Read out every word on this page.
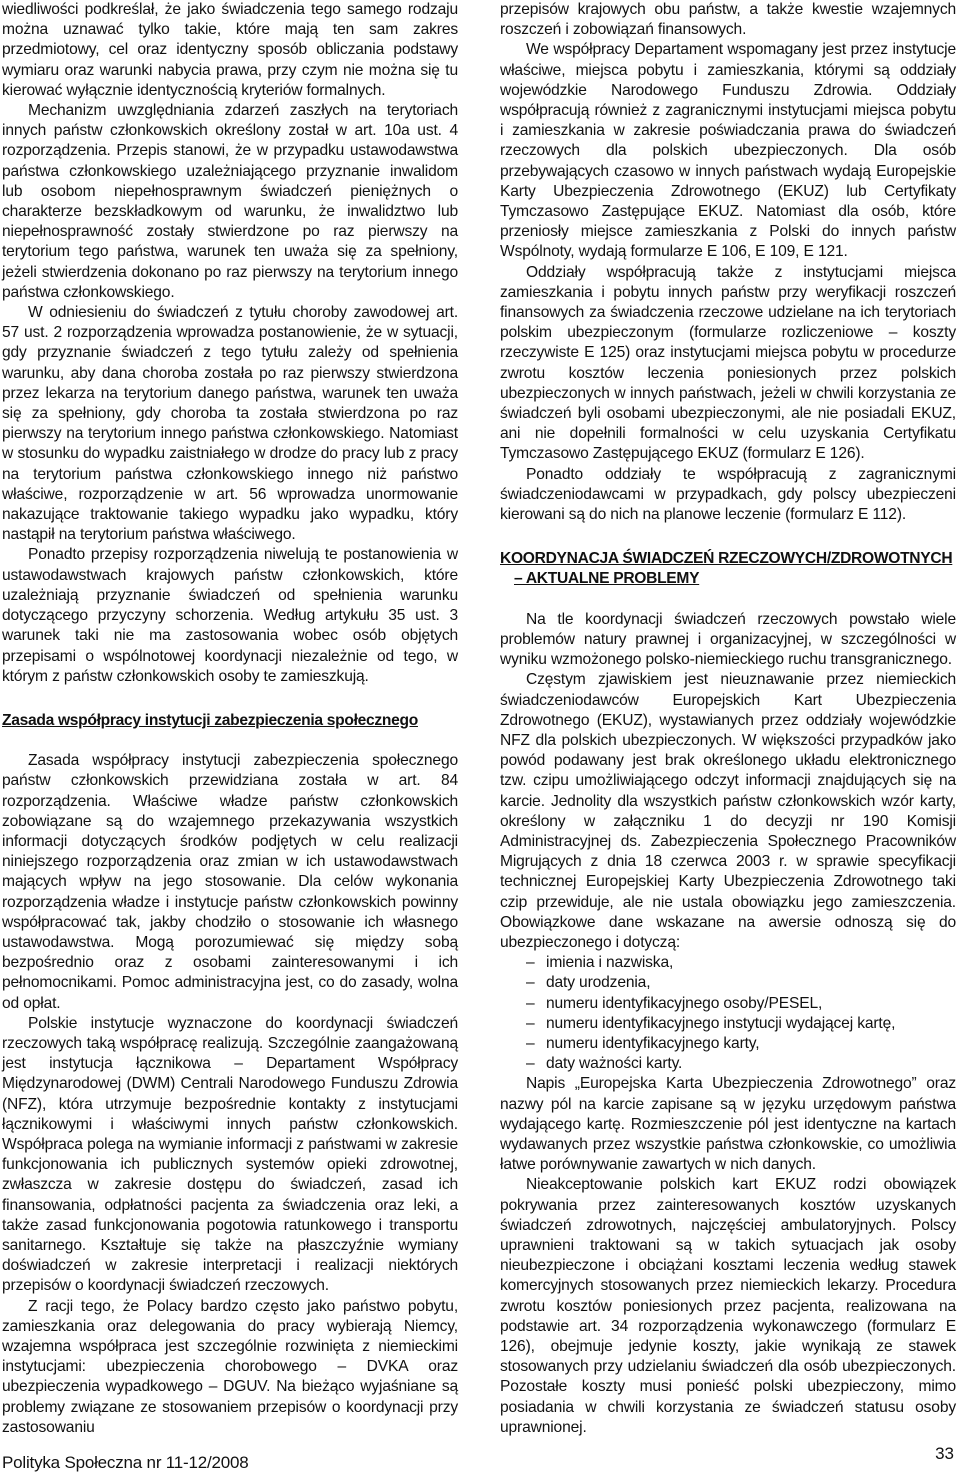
wiedliwości podkreślał, że jako świadczenia tego samego rodzaju można uznawać tylko takie, które mają ten sam zakres przedmiotowy, cel oraz identyczny sposób obliczania podstawy wymiaru oraz warunki nabycia prawa, przy czym nie można się tu kierować wyłącznie identycznością kryteriów formalnych.

Mechanizm uwzględniania zdarzeń zaszłych na terytoriach innych państw członkowskich określony został w art. 10a ust. 4 rozporządzenia. Przepis stanowi, że w przypadku ustawodawstwa państwa członkowskiego uzależniającego przyznanie inwalidom lub osobom niepełnosprawnym świadczeń pieniężnych o charakterze bezskładkowym od warunku, że inwalidztwo lub niepełnosprawność zostały stwierdzone po raz pierwszy na terytorium tego państwa, warunek ten uważa się za spełniony, jeżeli stwierdzenia dokonano po raz pierwszy na terytorium innego państwa członkowskiego.

W odniesieniu do świadczeń z tytułu choroby zawodowej art. 57 ust. 2 rozporządzenia wprowadza postanowienie, że w sytuacji, gdy przyznanie świadczeń z tego tytułu zależy od spełnienia warunku, aby dana choroba została po raz pierwszy stwierdzona przez lekarza na terytorium danego państwa, warunek ten uważa się za spełniony, gdy choroba ta została stwierdzona po raz pierwszy na terytorium innego państwa członkowskiego. Natomiast w stosunku do wypadku zaistniałego w drodze do pracy lub z pracy na terytorium państwa członkowskiego innego niż państwo właściwe, rozporządzenie w art. 56 wprowadza unormowanie nakazujące traktowanie takiego wypadku jako wypadku, który nastąpił na terytorium państwa właściwego.

Ponadto przepisy rozporządzenia niwelują te postanowienia w ustawodawstwach krajowych państw członkowskich, które uzależniają przyznanie świadczeń od spełnienia warunku dotyczącego przyczyny schorzenia. Według artykułu 35 ust. 3 warunek taki nie ma zastosowania wobec osób objętych przepisami o wspólnotowej koordynacji niezależnie od tego, w którym z państw członkowskich osoby te zamieszkują.

Zasada współpracy instytucji zabezpieczenia społecznego

Zasada współpracy instytucji zabezpieczenia społecznego państw członkowskich przewidziana została w art. 84 rozporządzenia. Właściwe władze państw członkowskich zobowiązane są do wzajemnego przekazywania wszystkich informacji dotyczących środków podjętych w celu realizacji niniejszego rozporządzenia oraz zmian w ich ustawodawstwach mających wpływ na jego stosowanie. Dla celów wykonania rozporządzenia władze i instytucje państw członkowskich powinny współpracować tak, jakby chodziło o stosowanie ich własnego ustawodawstwa. Mogą porozumiewać się między sobą bezpośrednio oraz z osobami zainteresowanymi i ich pełnomocnikami. Pomoc administracyjna jest, co do zasady, wolna od opłat.

Polskie instytucje wyznaczone do koordynacji świadczeń rzeczowych taką współpracę realizują. Szczególnie zaangażowaną jest instytucja łącznikowa – Departament Współpracy Międzynarodowej (DWM) Centrali Narodowego Funduszu Zdrowia (NFZ), która utrzymuje bezpośrednie kontakty z instytucjami łącznikowymi i właściwymi innych państw członkowskich. Współpraca polega na wymianie informacji z państwami w zakresie funkcjonowania ich publicznych systemów opieki zdrowotnej, zwłaszcza w zakresie dostępu do świadczeń, zasad ich finansowania, odpłatności pacjenta za świadczenia oraz leki, a także zasad funkcjonowania pogotowia ratunkowego i transportu sanitarnego. Kształtuje się także na płaszczyźnie wymiany doświadczeń w zakresie interpretacji i realizacji niektórych przepisów o koordynacji świadczeń rzeczowych.

Z racji tego, że Polacy bardzo często jako państwo pobytu, zamieszkania oraz delegowania do pracy wybierają Niemcy, wzajemna współpraca jest szczególnie rozwinięta z niemieckimi instytucjami: ubezpieczenia chorobowego – DVKA oraz ubezpieczenia wypadkowego – DGUV. Na bieżąco wyjaśniane są problemy związane ze stosowaniem przepisów o koordynacji przy zastosowaniu

przepisów krajowych obu państw, a także kwestie wzajemnych roszczeń i zobowiązań finansowych.

We współpracy Departament wspomagany jest przez instytucje właściwe, miejsca pobytu i zamieszkania, którymi są oddziały wojewódzkie Narodowego Funduszu Zdrowia. Oddziały współpracują również z zagranicznymi instytucjami miejsca pobytu i zamieszkania w zakresie poświadczania prawa do świadczeń rzeczowych dla polskich ubezpieczonych. Dla osób przebywających czasowo w innych państwach wydają Europejskie Karty Ubezpieczenia Zdrowotnego (EKUZ) lub Certyfikaty Tymczasowo Zastępujące EKUZ. Natomiast dla osób, które przeniosły miejsce zamieszkania z Polski do innych państw Wspólnoty, wydają formularze E 106, E 109, E 121.

Oddziały współpracują także z instytucjami miejsca zamieszkania i pobytu innych państw przy weryfikacji roszczeń finansowych za świadczenia rzeczowe udzielane na ich terytoriach polskim ubezpieczonym (formularze rozliczeniowe – koszty rzeczywiste E 125) oraz instytucjami miejsca pobytu w procedurze zwrotu kosztów leczenia poniesionych przez polskich ubezpieczonych w innych państwach, jeżeli w chwili korzystania ze świadczeń byli osobami ubezpieczonymi, ale nie posiadali EKUZ, ani nie dopełnili formalności w celu uzyskania Certyfikatu Tymczasowo Zastępującego EKUZ (formularz E 126).

Ponadto oddziały te współpracują z zagranicznymi świadczeniodawcami w przypadkach, gdy polscy ubezpieczeni kierowani są do nich na planowe leczenie (formularz E 112).

KOORDYNACJA ŚWIADCZEŃ RZECZOWYCH/ZDROWOTNYCH
– AKTUALNE PROBLEMY

Na tle koordynacji świadczeń rzeczowych powstało wiele problemów natury prawnej i organizacyjnej, w szczególności w wyniku wzmożonego polsko-niemieckiego ruchu transgranicznego.

Częstym zjawiskiem jest nieuznawanie przez niemieckich świadczeniodawców Europejskich Kart Ubezpieczenia Zdrowotnego (EKUZ), wystawianych przez oddziały wojewódzkie NFZ dla polskich ubezpieczonych. W większości przypadków jako powód podawany jest brak określonego układu elektronicznego tzw. czipu umożliwiającego odczyt informacji znajdujących się na karcie. Jednolity dla wszystkich państw członkowskich wzór karty, określony w załączniku 1 do decyzji nr 190 Komisji Administracyjnej ds. Zabezpieczenia Społecznego Pracowników Migrujących z dnia 18 czerwca 2003 r. w sprawie specyfikacji technicznej Europejskiej Karty Ubezpieczenia Zdrowotnego taki czip przewiduje, ale nie ustala obowiązku jego zamieszczenia. Obowiązkowe dane wskazane na awersie odnoszą się do ubezpieczonego i dotyczą:

– imienia i nazwiska,
– daty urodzenia,
– numeru identyfikacyjnego osoby/PESEL,
– numeru identyfikacyjnego instytucji wydającej kartę,
– numeru identyfikacyjnego karty,
– daty ważności karty.

Napis „Europejska Karta Ubezpieczenia Zdrowotnego” oraz nazwy pól na karcie zapisane są w języku urzędowym państwa wydającego kartę. Rozmieszczenie pól jest identyczne na kartach wydawanych przez wszystkie państwa członkowskie, co umożliwia łatwe porównywanie zawartych w nich danych.

Nieakceptowanie polskich kart EKUZ rodzi obowiązek pokrywania przez zainteresowanych kosztów uzyskanych świadczeń zdrowotnych, najczęściej ambulatoryjnych. Polscy uprawnieni traktowani są w takich sytuacjach jak osoby nieubezpieczone i obciążani kosztami leczenia według stawek komercyjnych stosowanych przez niemieckich lekarzy. Procedura zwrotu kosztów poniesionych przez pacjenta, realizowana na podstawie art. 34 rozporządzenia wykonawczego (formularz E 126), obejmuje jedynie koszty, jakie wynikają ze stawek stosowanych przy udzielaniu świadczeń dla osób ubezpieczonych. Pozostałe koszty musi ponieść polski ubezpieczony, mimo posiadania w chwili korzystania ze świadczeń statusu osoby uprawnionej.

Polityka Społeczna nr 11-12/2008	33
